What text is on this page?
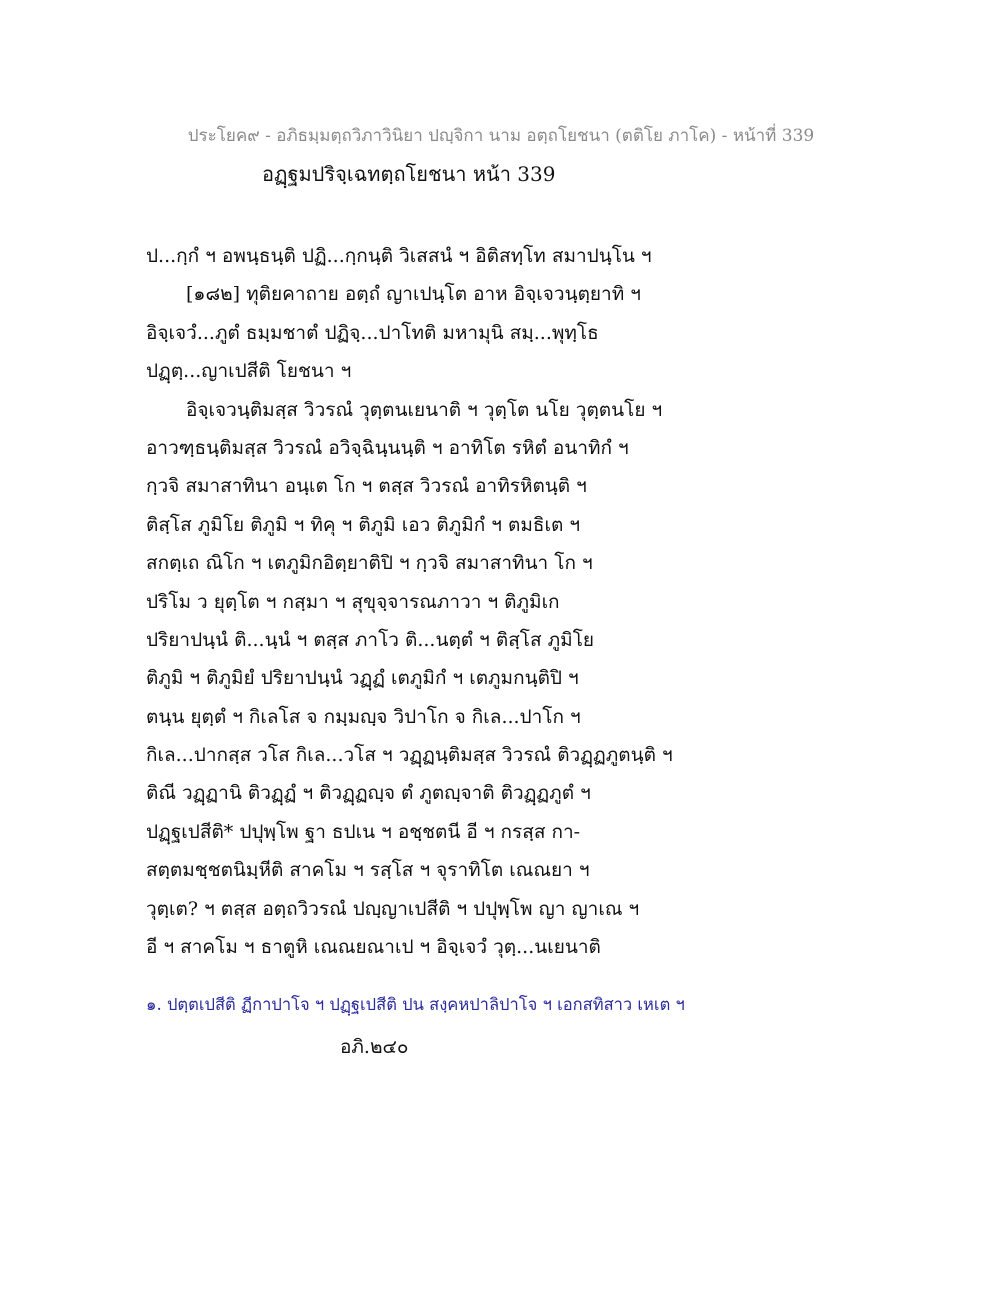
ประโยค๙ - อภิธมฺมตฺถวิภาวินิยา ปญฺจิกา นาม อตฺถโยชนา (ตติโย ภาโค) - หน้าที่ 339
อฏฺฐมปริจฺเฉทตฺถโยชนา หน้า 339
ป...กฺกํ ฯ อพนฺธนฺติ ปฏิ...กฺกนฺติ วิเสสนํ ฯ อิติสทฺโท สมาปนฺโน ฯ
[๑๘๒] ทุติยคาถาย อตฺถํ ญาเปนฺโต อาห อิจฺเจวนฺตฺยาทิ ฯ
อิจฺเจวํ...ภูตํ ธมฺมชาตํ ปฏิจฺ...ปาโทติ มหามุนิ สมฺ...พุทฺโธ
ปฏฺตฺ...ญาเปสีติ โยชนา ฯ
อิจฺเจวนฺติมสฺส วิวรณํ วุตฺตนเยนาติ ฯ วุตฺโต นโย วุตฺตนโย ฯ
อาวฑฺธนฺติมสฺส วิวรณํ อวิจฺฉินฺนนฺติ ฯ อาทิโต รหิตํ อนาทิกํ ฯ
กฺวจิ สมาสาทินา อนฺเต โก ฯ ตสฺส วิวรณํ อาทิรหิตนฺติ ฯ
ติสฺโส ภูมิโย ติภูมิ ฯ ทิคุ ฯ ติภูมิ เอว ติภูมิกํ ฯ ตมธิเต ฯ
สกตฺเถ ณิโก ฯ เตภูมิกอิตฺยาติปิ ฯ กฺวจิ สมาสาทินา โก ฯ
ปริโม ว ยุตฺโต ฯ กสฺมา ฯ สุขุจฺจารณภาวา ฯ ติภูมิเก
ปริยาปนฺนํ ติ...นฺนํ ฯ ตสฺส ภาโว ติ...นตฺตํ ฯ ติสฺโส ภูมิโย
ติภูมิ ฯ ติภูมิยํ ปริยาปนฺนํ วฏฺฏํ เตภูมิกํ ฯ เตภูมกนฺติปิ ฯ
ตนฺน ยุตฺตํ ฯ กิเลโส จ กมฺมญฺจ วิปาโก จ กิเล...ปาโก ฯ
กิเล...ปากสฺส วโส กิเล...วโส ฯ วฏฺฏนฺติมสฺส วิวรณํ ติวฏฺฏภูตนฺติ ฯ
ติณี วฏฺฏานิ ติวฏฺฏํ ฯ ติวฏฺฏญฺจ ตํ ภูตญฺจาติ ติวฏฺฏภูตํ ฯ
ปฏฺฐเปสีติ* ปปุพฺโพ ฐา ธปเน ฯ อชฺชตนี อี ฯ กรสฺส กา-
สตฺตมชฺชตนิมฺหีติ สาคโม ฯ รสฺโส ฯ จุราทิโต เณณยา ฯ
วุตฺเต? ฯ ตสฺส อตฺถวิวรณํ ปญฺญาเปสีติ ฯ ปปุพฺโพ ญา ญาเณ ฯ
อี ฯ สาคโม ฯ ธาตูหิ เณณยณาเป ฯ อิจฺเจวํ วุตฺ...นเยนาติ
๑. ปตฺตเปสีติ ฏีกาปาโจ ฯ ปฏฺฐเปสีติ ปน สงฺคหปาลิปาโจ ฯ เอกสทิสาว เหเต ฯ
อภิ.๒๔๐
